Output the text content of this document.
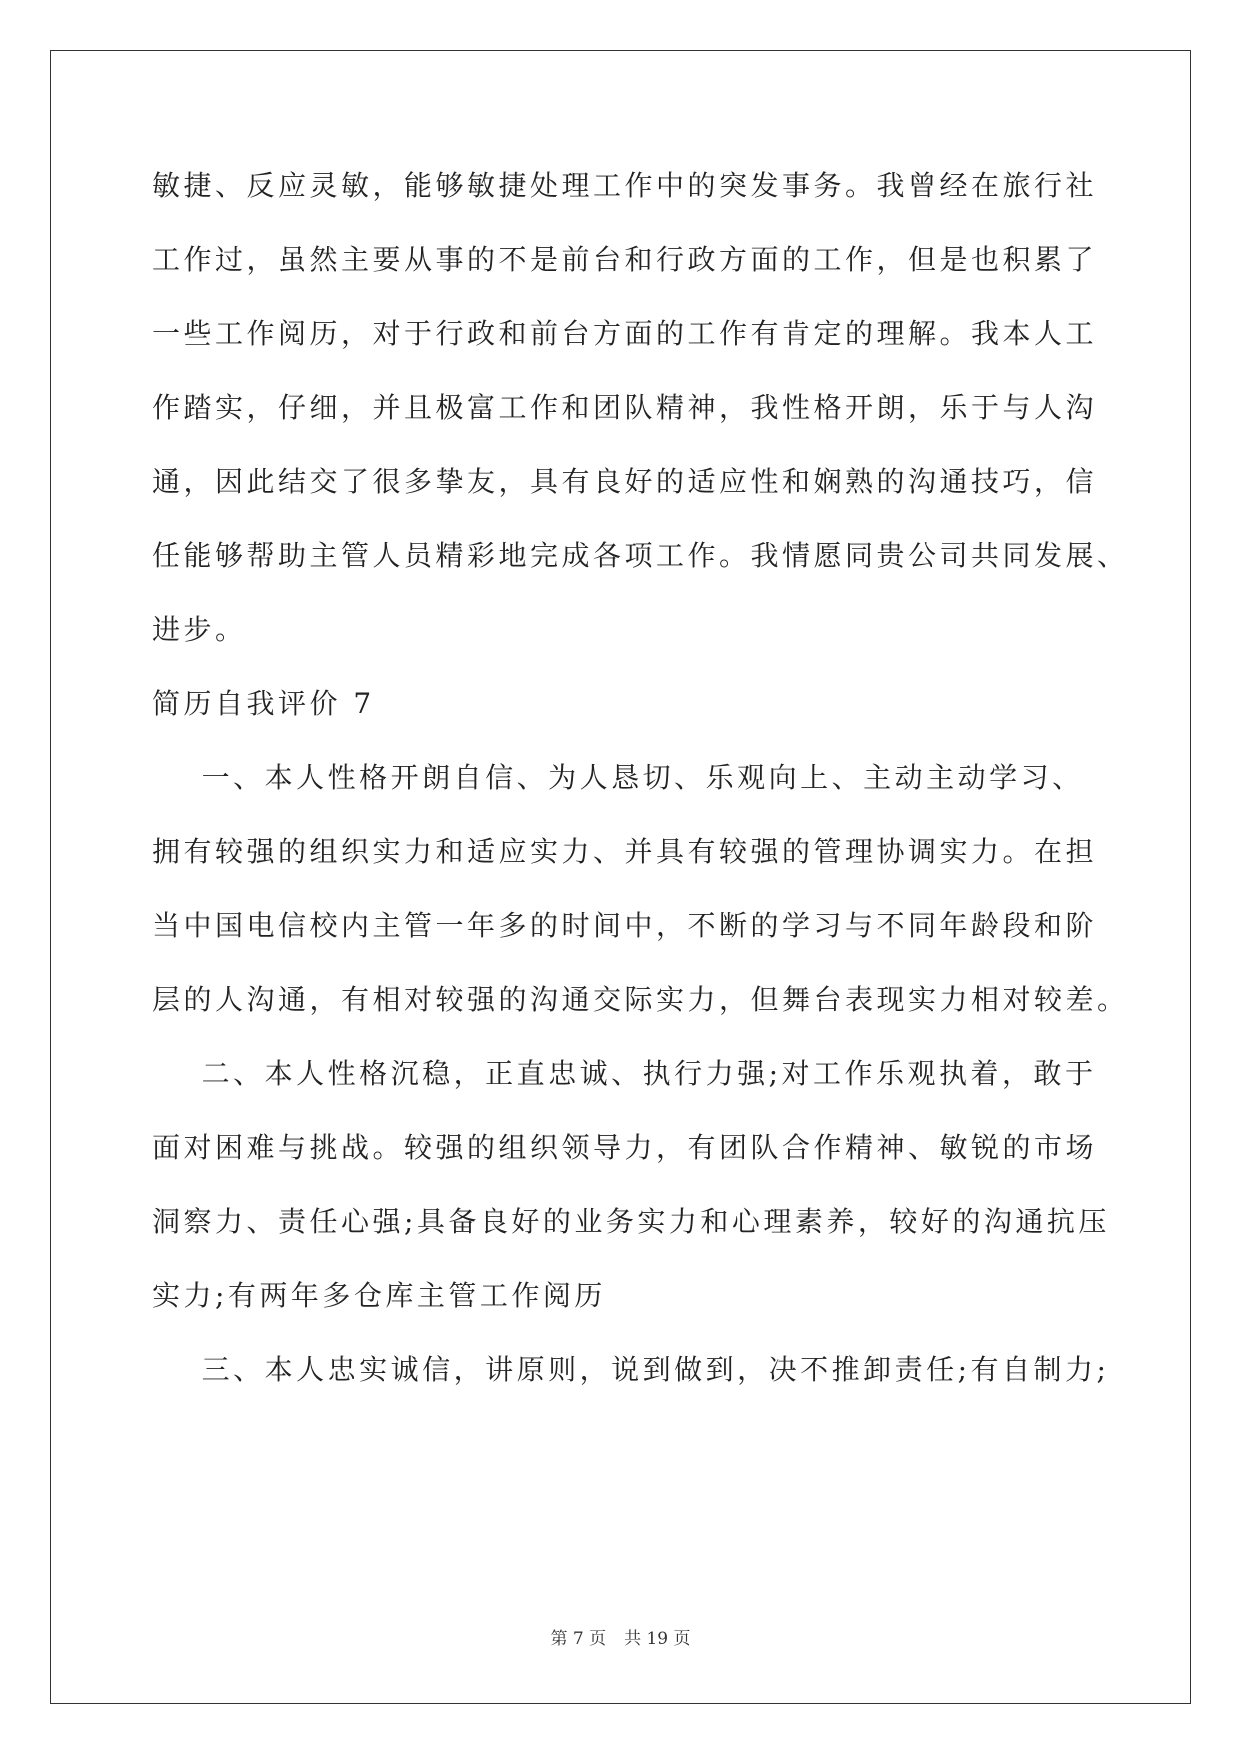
敏捷、反应灵敏，能够敏捷处理工作中的突发事务。我曾经在旅行社
工作过，虽然主要从事的不是前台和行政方面的工作，但是也积累了
一些工作阅历，对于行政和前台方面的工作有肯定的理解。我本人工
作踏实，仔细，并且极富工作和团队精神，我性格开朗，乐于与人沟
通，因此结交了很多挚友，具有良好的适应性和娴熟的沟通技巧，信
任能够帮助主管人员精彩地完成各项工作。我情愿同贵公司共同发展、
进步。
简历自我评价 7
一、本人性格开朗自信、为人恳切、乐观向上、主动主动学习、
拥有较强的组织实力和适应实力、并具有较强的管理协调实力。在担
当中国电信校内主管一年多的时间中，不断的学习与不同年龄段和阶
层的人沟通，有相对较强的沟通交际实力，但舞台表现实力相对较差。
二、本人性格沉稳，正直忠诚、执行力强;对工作乐观执着，敢于
面对困难与挑战。较强的组织领导力，有团队合作精神、敏锐的市场
洞察力、责任心强;具备良好的业务实力和心理素养，较好的沟通抗压
实力;有两年多仓库主管工作阅历
三、本人忠实诚信，讲原则，说到做到，决不推卸责任;有自制力;
第 7 页 共 19 页
